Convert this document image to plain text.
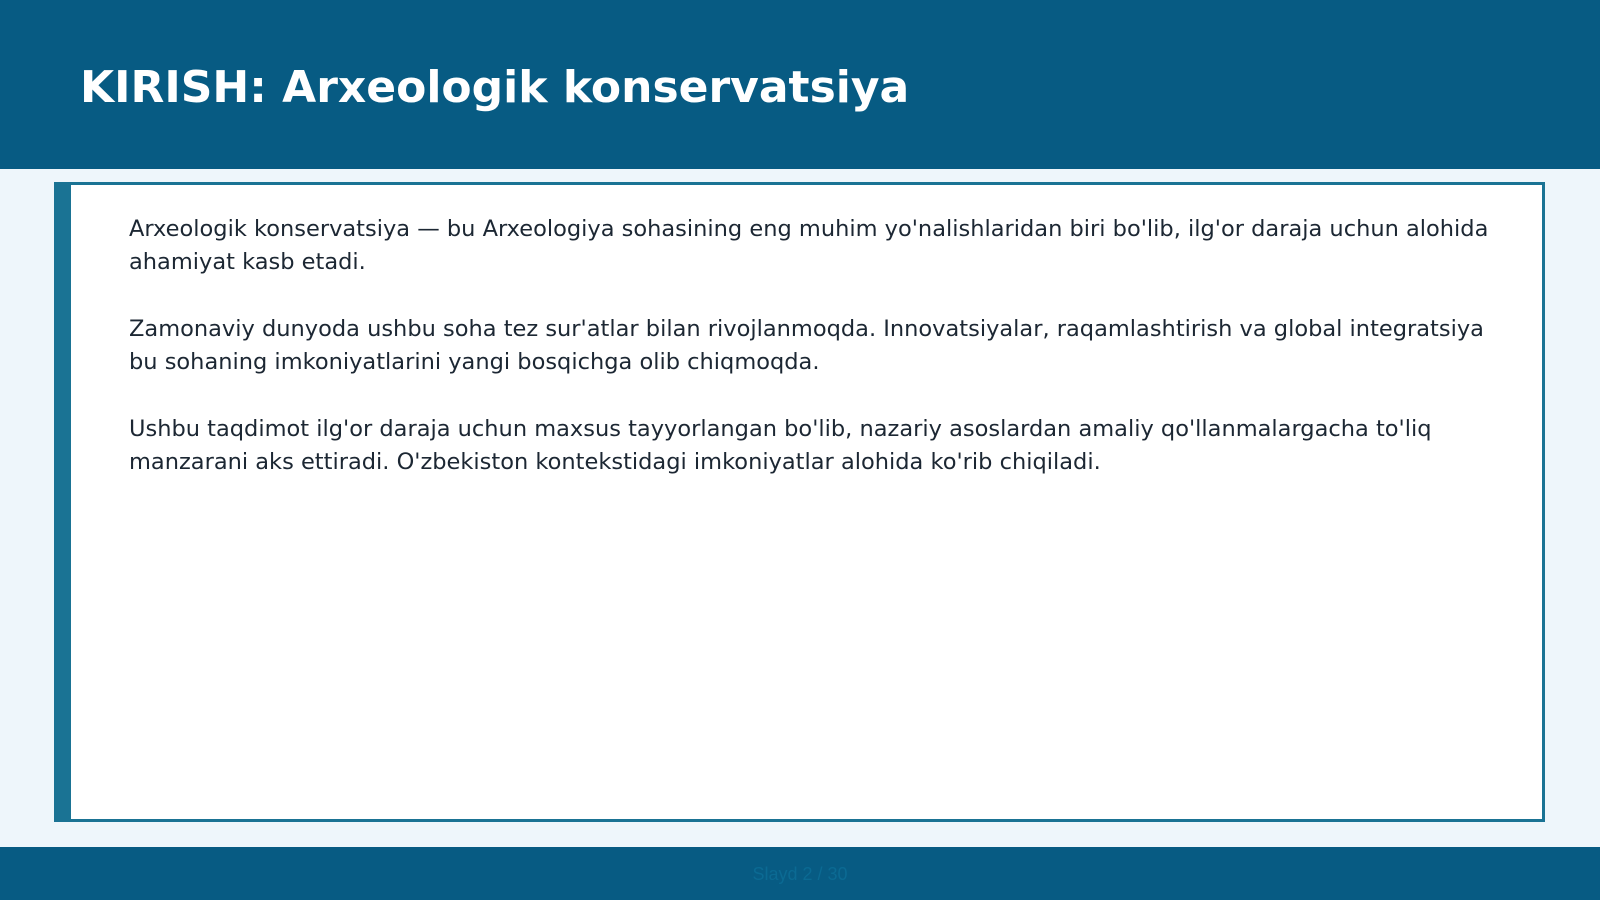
KIRISH: Arxeologik konservatsiya

Arxeologik konservatsiya — bu Arxeologiya sohasining eng muhim yo'nalishlaridan biri bo'lib, ilg'or daraja uchun alohida ahamiyat kasb etadi.

Zamonaviy dunyoda ushbu soha tez sur'atlar bilan rivojlanmoqda. Innovatsiyalar, raqamlashtirish va global integratsiya bu sohaning imkoniyatlarini yangi bosqichga olib chiqmoqda.

Ushbu taqdimot ilg'or daraja uchun maxsus tayyorlangan bo'lib, nazariy asoslardan amaliy qo'llanmalargacha to'liq manzarani aks ettiradi. O'zbekiston kontekstidagi imkoniyatlar alohida ko'rib chiqiladi.

Slayd 2 / 30
